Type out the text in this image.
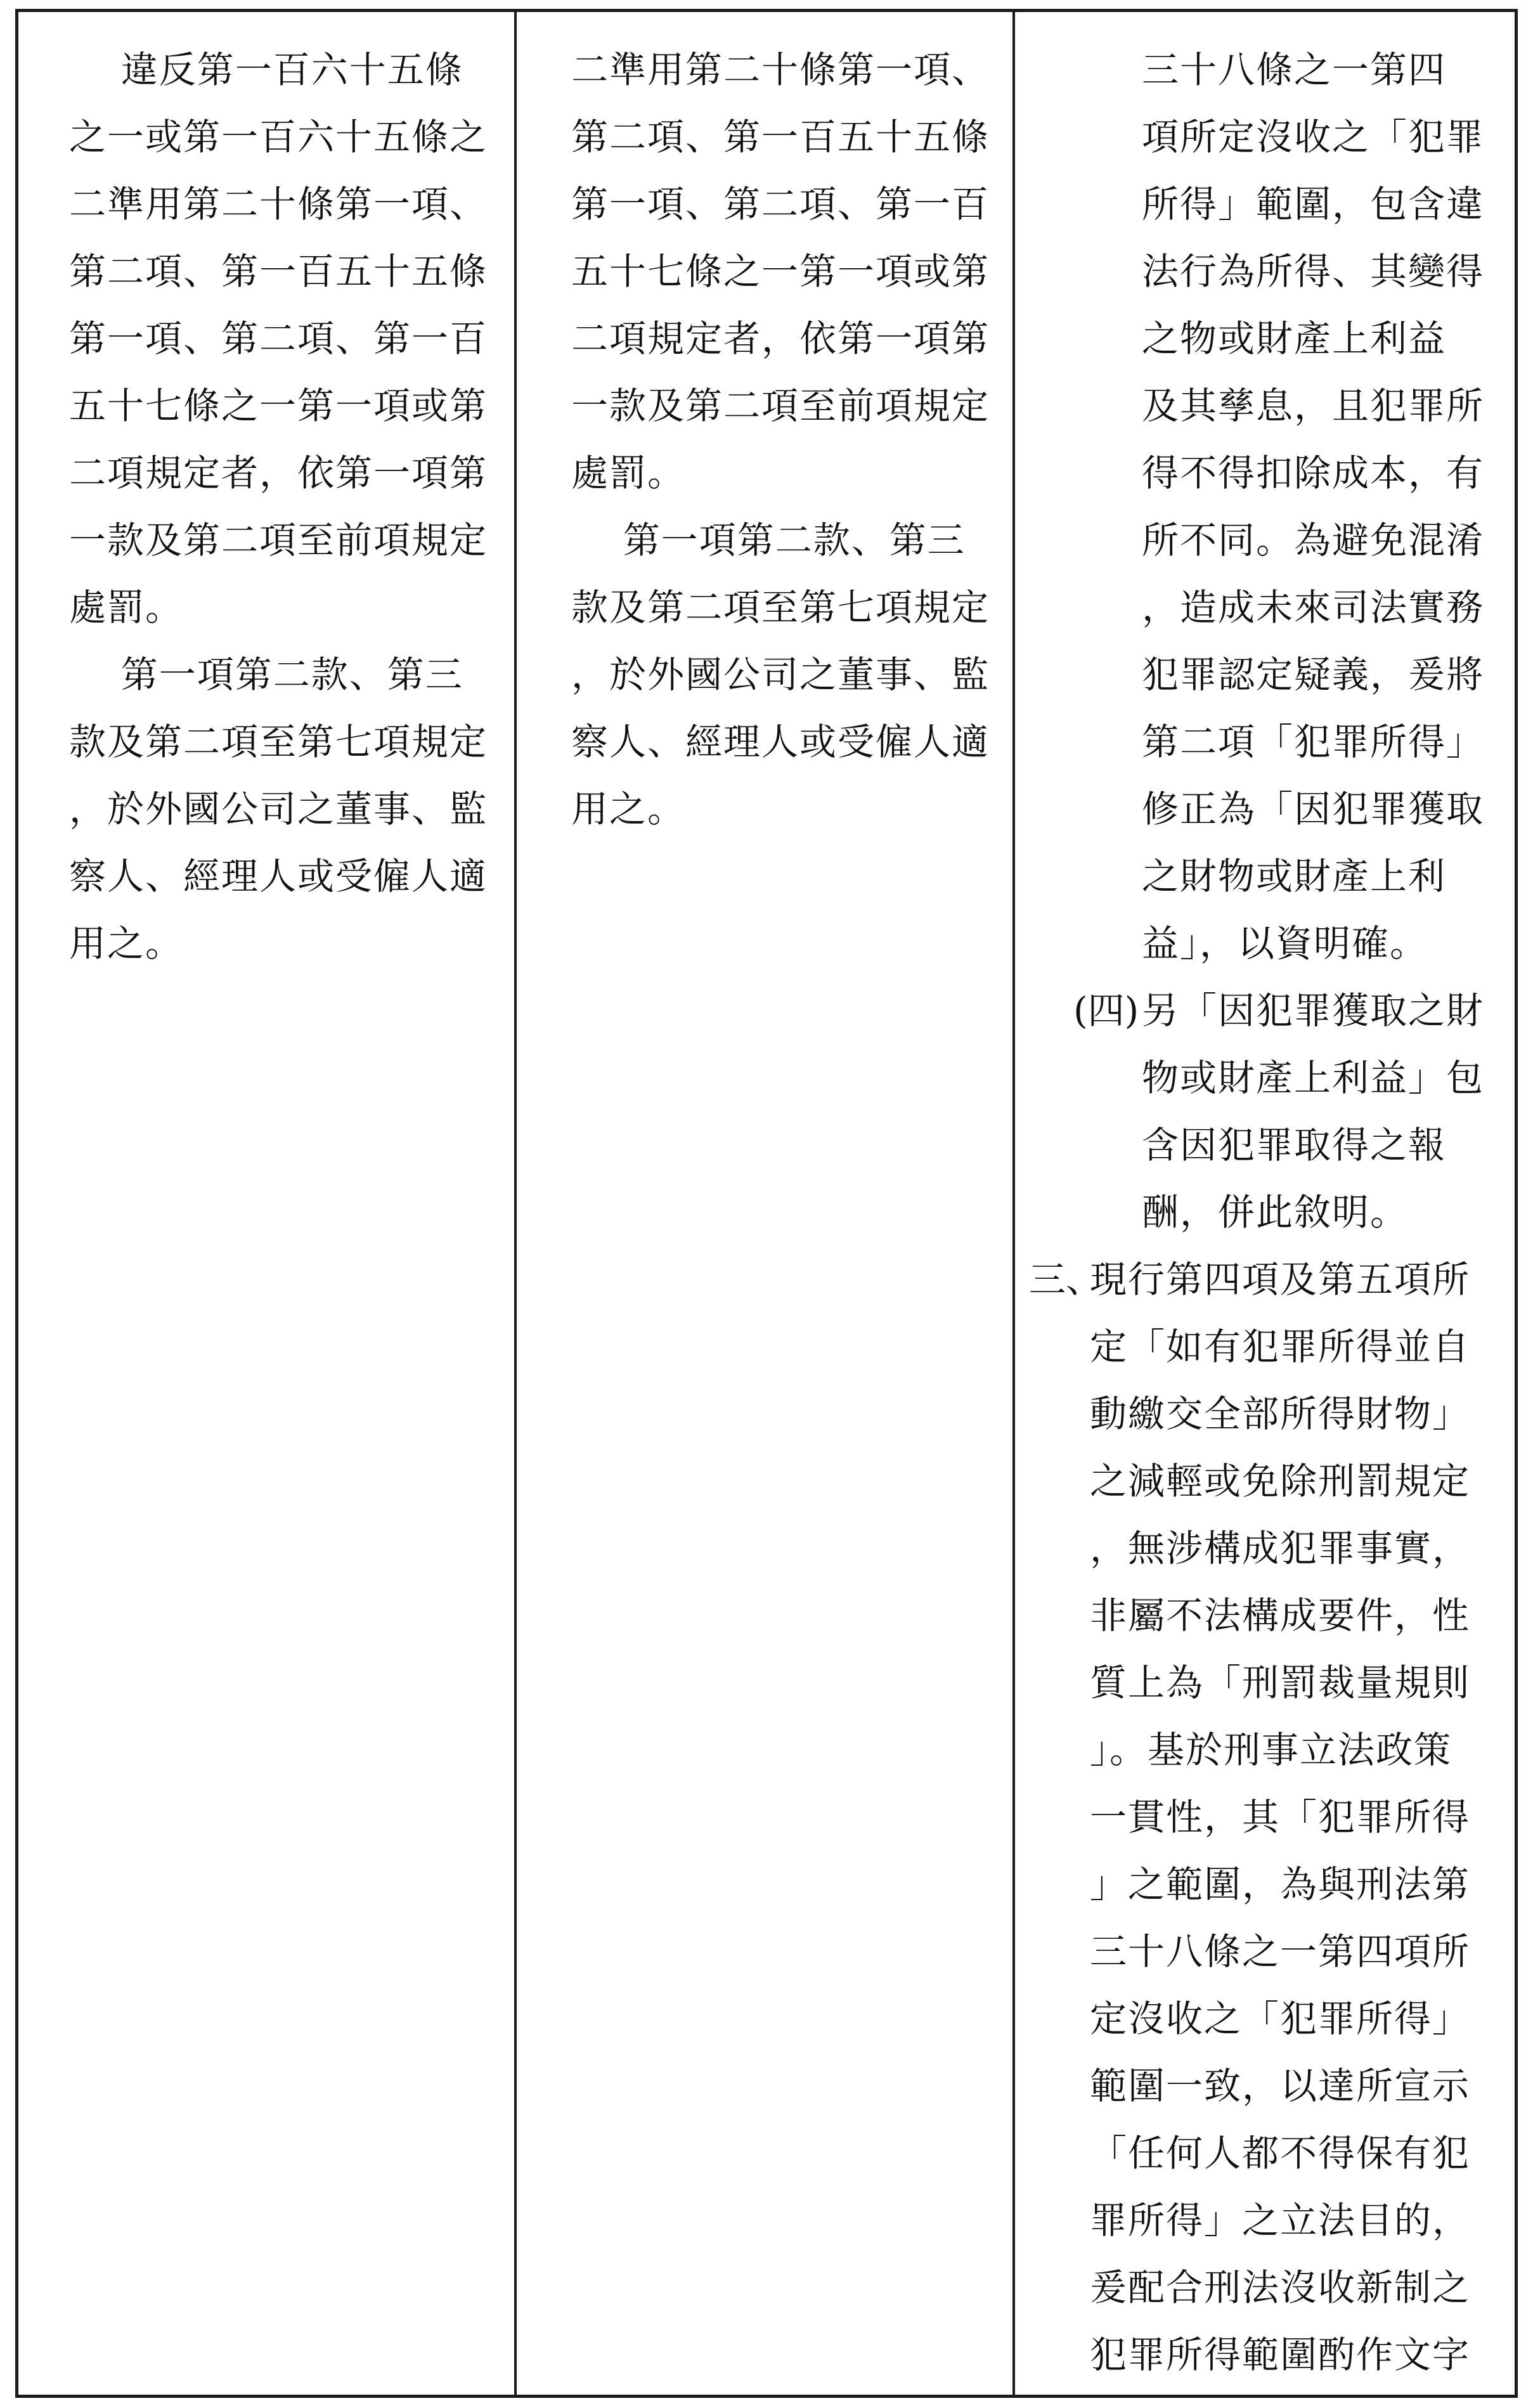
違反第一百六十五條
之一或第一百六十五條之
二準用第二十條第一項、
第二項、第一百五十五條
第一項、第二項、第一百
五十七條之一第一項或第
二項規定者，依第一項第
一款及第二項至前項規定
處罰。

第一項第二款、第三
款及第二項至第七項規定
，於外國公司之董事、監
察人、經理人或受僱人適
用之。

二準用第二十條第一項、
第二項、第一百五十五條
第一項、第二項、第一百
五十七條之一第一項或第
二項規定者，依第一項第
一款及第二項至前項規定
處罰。

第一項第二款、第三
款及第二項至第七項規定
，於外國公司之董事、監
察人、經理人或受僱人適
用之。

三十八條之一第四
項所定沒收之「犯罪
所得」範圍，包含違
法行為所得、其變得
之物或財產上利益
及其孳息，且犯罪所
得不得扣除成本，有
所不同。為避免混淆
，造成未來司法實務
犯罪認定疑義，爰將
第二項「犯罪所得」
修正為「因犯罪獲取
之財物或財產上利
益」，以資明確。

(四) 另「因犯罪獲取之財
物或財產上利益」包
含因犯罪取得之報
酬，併此敘明。

三、

現行第四項及第五項所
定「如有犯罪所得並自
動繳交全部所得財物」
之減輕或免除刑罰規定
，無涉構成犯罪事實，
非屬不法構成要件，性
質上為「刑罰裁量規則
」。基於刑事立法政策
一貫性，其「犯罪所得
」之範圍，為與刑法第
三十八條之一第四項所
定沒收之「犯罪所得」
範圍一致，以達所宣示
「任何人都不得保有犯
罪所得」之立法目的，
爰配合刑法沒收新制之
犯罪所得範圍酌作文字
